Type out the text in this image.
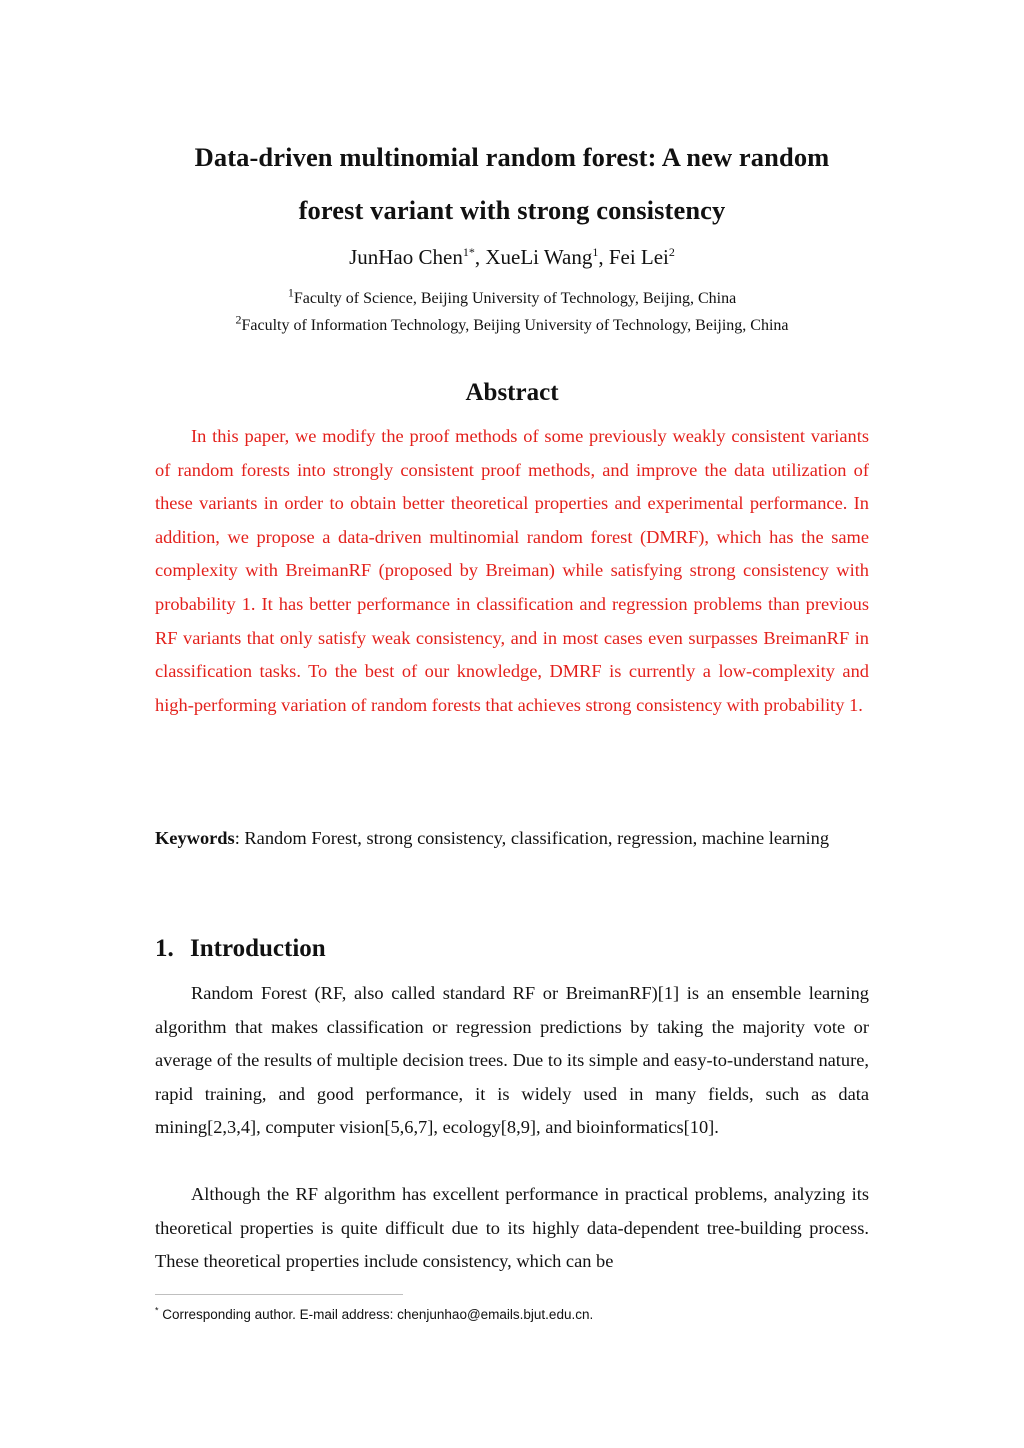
Data-driven multinomial random forest: A new random
forest variant with strong consistency
JunHao Chen$^{1*}$, XueLi Wang$^1$, Fei Lei$^2$
$^1$Faculty of Science, Beijing University of Technology, Beijing, China
$^2$Faculty of Information Technology, Beijing University of Technology, Beijing, China
Abstract

In this paper, we modify the proof methods of some previously weakly consistent variants of random forests into strongly consistent proof methods, and improve the data utilization of these variants in order to obtain better theoretical properties and experimental performance. In addition, we propose a data-driven multinomial random forest (DMRF), which has the same complexity with BreimanRF (proposed by Breiman) while satisfying strong consistency with probability 1. It has better performance in classification and regression problems than previous RF variants that only satisfy weak consistency, and in most cases even surpasses BreimanRF in classification tasks. To the best of our knowledge, DMRF is currently a low-complexity and high-performing variation of random forests that achieves strong consistency with probability 1.

Keywords: Random Forest, strong consistency, classification, regression, machine learning

1. Introduction

Random Forest (RF, also called standard RF or BreimanRF)[1] is an ensemble learning algorithm that makes classification or regression predictions by taking the majority vote or average of the results of multiple decision trees. Due to its simple and easy-to-understand nature, rapid training, and good performance, it is widely used in many fields, such as data mining[2,3,4], computer vision[5,6,7], ecology[8,9], and bioinformatics[10].

Although the RF algorithm has excellent performance in practical problems, analyzing its theoretical properties is quite difficult due to its highly data-dependent tree-building process. These theoretical properties include consistency, which can be

* Corresponding author. E-mail address: chenjunhao@emails.bjut.edu.cn.
